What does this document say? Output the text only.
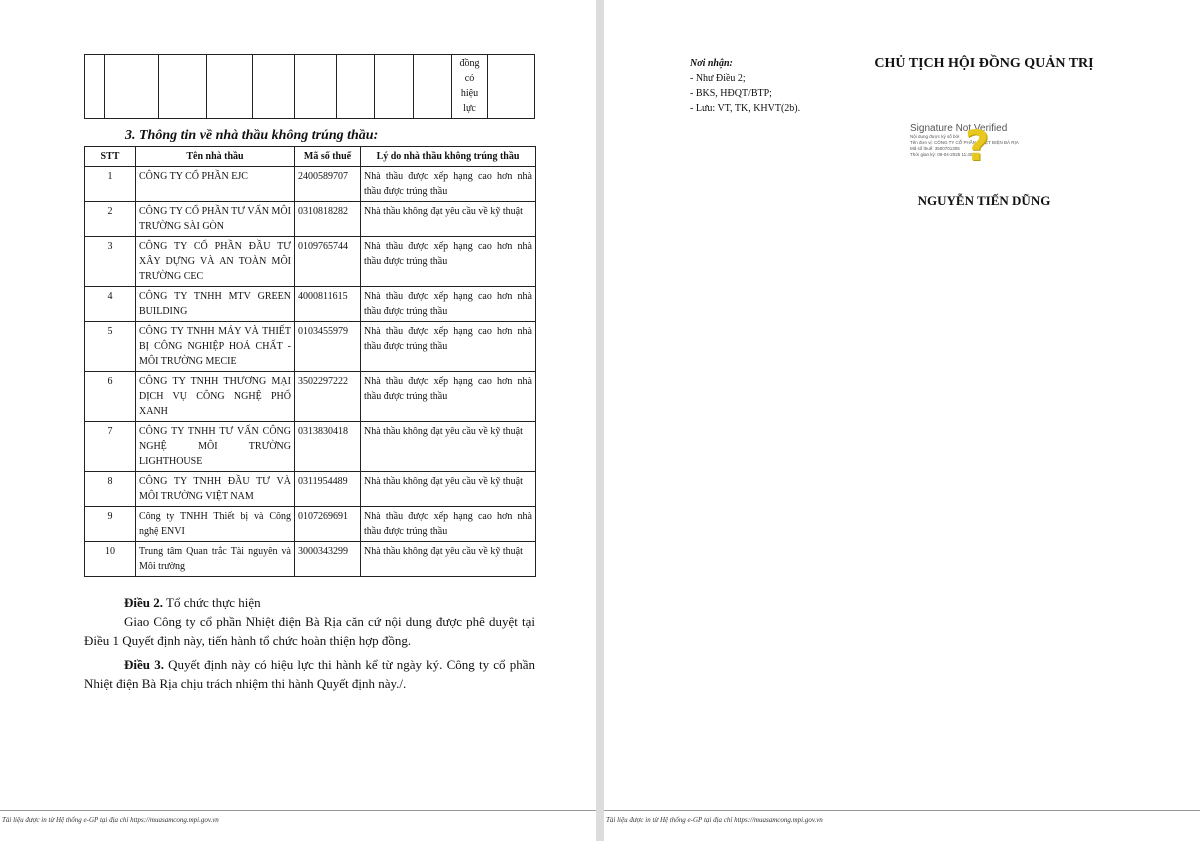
đồng
có
hiệu
lực

3. Thông tin về nhà thầu không trúng thầu:
STT	Tên nhà thầu	Mã số thuế	Lý do nhà thầu không trúng thầu
1	CÔNG TY CỔ PHẦN EJC	2400589707	Nhà thầu được xếp hạng cao hơn nhà thầu được trúng thầu
2	CÔNG TY CỔ PHẦN TƯ VẤN MÔI TRƯỜNG SÀI GÒN	0310818282	Nhà thầu không đạt yêu cầu về kỹ thuật
3	CÔNG TY CỔ PHẦN ĐẦU TƯ XÂY DỰNG VÀ AN TOÀN MÔI TRƯỜNG CEC	0109765744	Nhà thầu được xếp hạng cao hơn nhà thầu được trúng thầu
4	CÔNG TY TNHH MTV GREEN BUILDING	4000811615	Nhà thầu được xếp hạng cao hơn nhà thầu được trúng thầu
5	CÔNG TY TNHH MÁY VÀ THIẾT BỊ CÔNG NGHIỆP HOÁ CHẤT - MÔI TRƯỜNG MECIE	0103455979	Nhà thầu được xếp hạng cao hơn nhà thầu được trúng thầu
6	CÔNG TY TNHH THƯƠNG MẠI DỊCH VỤ CÔNG NGHỆ PHỐ XANH	3502297222	Nhà thầu được xếp hạng cao hơn nhà thầu được trúng thầu
7	CÔNG TY TNHH TƯ VẤN CÔNG NGHỆ MÔI TRƯỜNG LIGHTHOUSE	0313830418	Nhà thầu không đạt yêu cầu về kỹ thuật
8	CÔNG TY TNHH ĐẦU TƯ VÀ MÔI TRƯỜNG VIỆT NAM	0311954489	Nhà thầu không đạt yêu cầu về kỹ thuật
9	Công ty TNHH Thiết bị và Công nghệ ENVI	0107269691	Nhà thầu được xếp hạng cao hơn nhà thầu được trúng thầu
10	Trung tâm Quan trắc Tài nguyên và Môi trường	3000343299	Nhà thầu không đạt yêu cầu về kỹ thuật
Điều 2. Tổ chức thực hiện
Giao Công ty cổ phần Nhiệt điện Bà Rịa căn cứ nội dung được phê duyệt tại Điều 1 Quyết định này, tiến hành tổ chức hoàn thiện hợp đồng.
Điều 3. Quyết định này có hiệu lực thi hành kể từ ngày ký. Công ty cổ phần Nhiệt điện Bà Rịa chịu trách nhiệm thi hành Quyết định này./.
Tài liệu được in từ Hệ thống e-GP tại địa chỉ https://muasamcong.mpi.gov.vn
Nơi nhận:
- Như Điều 2;
- BKS, HĐQT/BTP;
- Lưu: VT, TK, KHVT(2b).
CHỦ TỊCH HỘI ĐỒNG QUẢN TRỊ
Signature Not Verified
Nội dung được ký số bởi
Tên đơn vị: CÔNG TY CỔ PHẦN NHIỆT ĐIỆN BÀ RỊA
Mã số thuế: 3500701305
Thời gian ký: 09-04-2025 11:40:54
?
NGUYỄN TIẾN DŨNG
Tài liệu được in từ Hệ thống e-GP tại địa chỉ https://muasamcong.mpi.gov.vn
